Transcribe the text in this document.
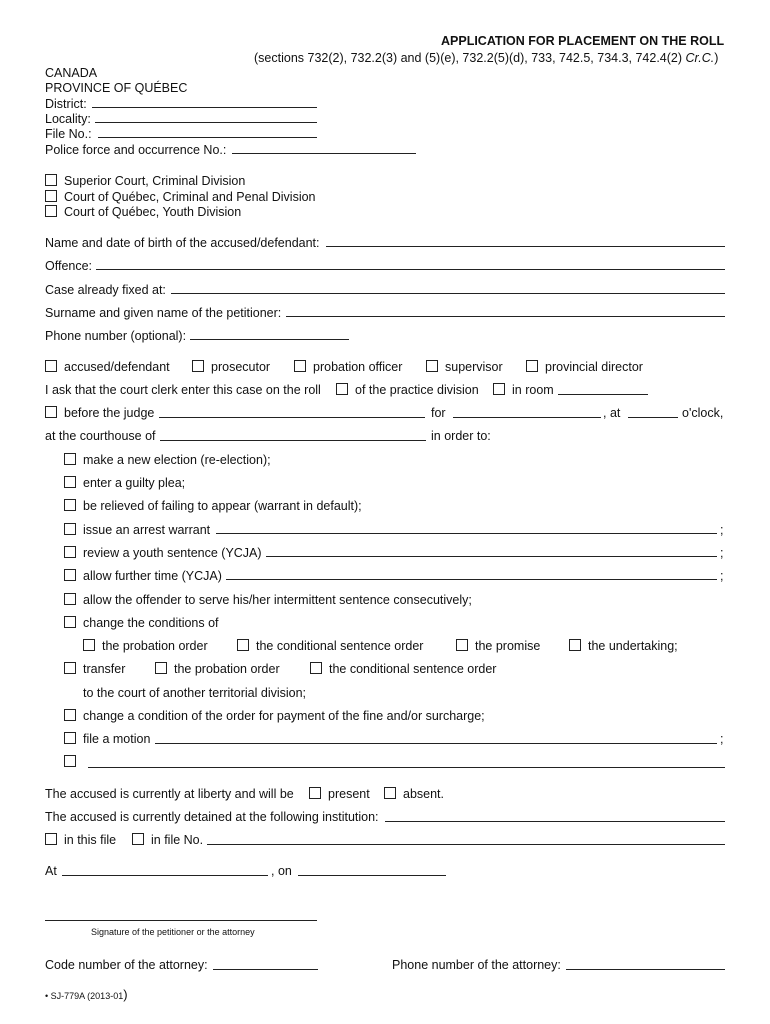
APPLICATION FOR PLACEMENT ON THE ROLL
(sections 732(2), 732.2(3) and (5)(e), 732.2(5)(d), 733, 742.5, 734.3, 742.4(2) Cr.C.)
CANADA
PROVINCE OF QUÉBEC
District:
Locality:
File No.:
Police force and occurrence No.:
Superior Court, Criminal Division
Court of Québec, Criminal and Penal Division
Court of Québec, Youth Division
Name and date of birth of the accused/defendant:
Offence:
Case already fixed at:
Surname and given name of the petitioner:
Phone number (optional):
accused/defendant	prosecutor	probation officer	supervisor	provincial director
I ask that the court clerk enter this case on the roll	of the practice division	in room
before the judge	for	, at	o'clock,
at the courthouse of	in order to:
make a new election (re-election);
enter a guilty plea;
be relieved of failing to appear (warrant in default);
issue an arrest warrant	;
review a youth sentence (YCJA)	;
allow further time (YCJA)	;
allow the offender to serve his/her intermittent sentence consecutively;
change the conditions of
the probation order	the conditional sentence order	the promise	the undertaking;
transfer	the probation order	the conditional sentence order
to the court of another territorial division;
change a condition of the order for payment of the fine and/or surcharge;
file a motion	;
The accused is currently at liberty and will be	present	absent.
The accused is currently detained at the following institution:
in this file	in file No.
At	, on
Signature of the petitioner or the attorney
Code number of the attorney:	Phone number of the attorney:
• SJ-779A (2013-01)
